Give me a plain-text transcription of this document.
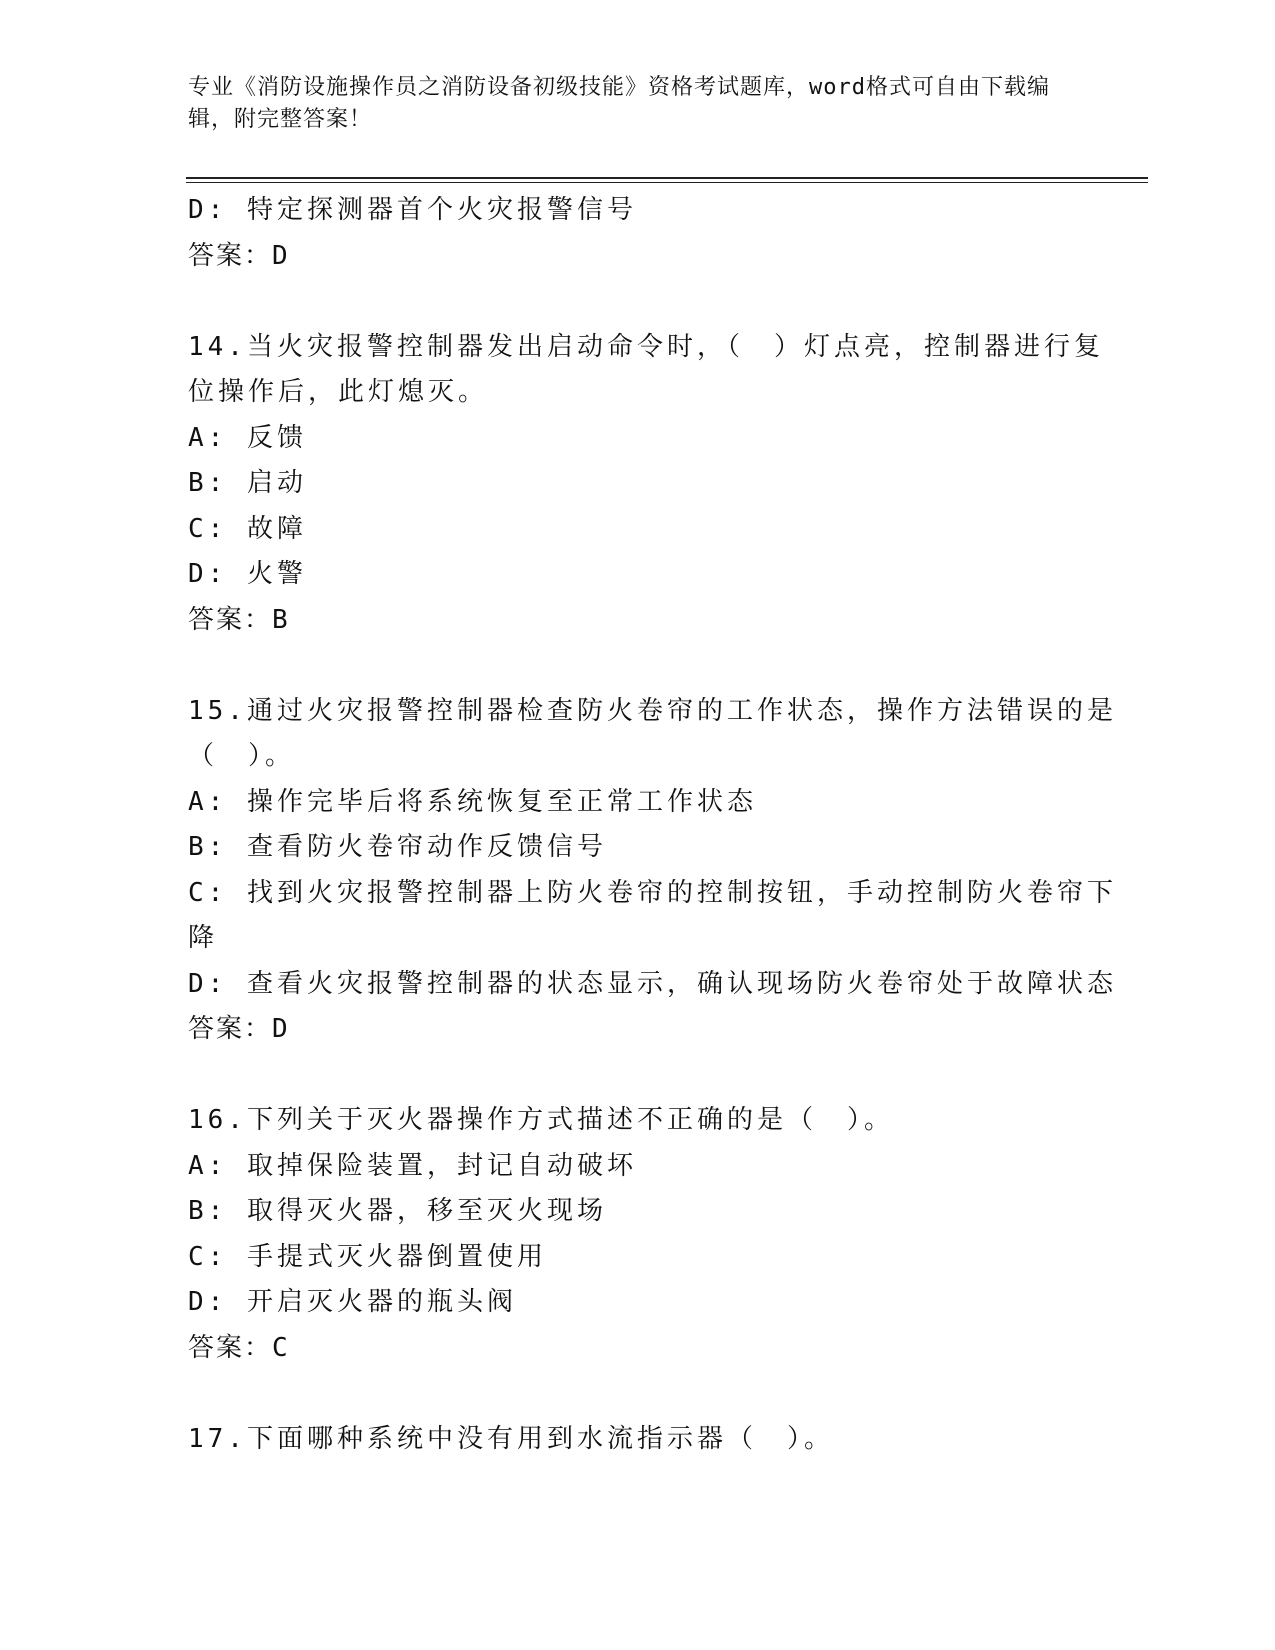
专业《消防设施操作员之消防设备初级技能》资格考试题库，word格式可自由下载编辑，附完整答案！
D: 特定探测器首个火灾报警信号
答案：D
14.当火灾报警控制器发出启动命令时，（　）灯点亮，控制器进行复
位操作后，此灯熄灭。
A: 反馈
B: 启动
C: 故障
D: 火警
答案：B
15.通过火灾报警控制器检查防火卷帘的工作状态，操作方法错误的是
（　）。
A: 操作完毕后将系统恢复至正常工作状态
B: 查看防火卷帘动作反馈信号
C: 找到火灾报警控制器上防火卷帘的控制按钮，手动控制防火卷帘下
降
D: 查看火灾报警控制器的状态显示，确认现场防火卷帘处于故障状态
答案：D
16.下列关于灭火器操作方式描述不正确的是（　）。
A: 取掉保险装置，封记自动破坏
B: 取得灭火器，移至灭火现场
C: 手提式灭火器倒置使用
D: 开启灭火器的瓶头阀
答案：C
17.下面哪种系统中没有用到水流指示器（　）。
